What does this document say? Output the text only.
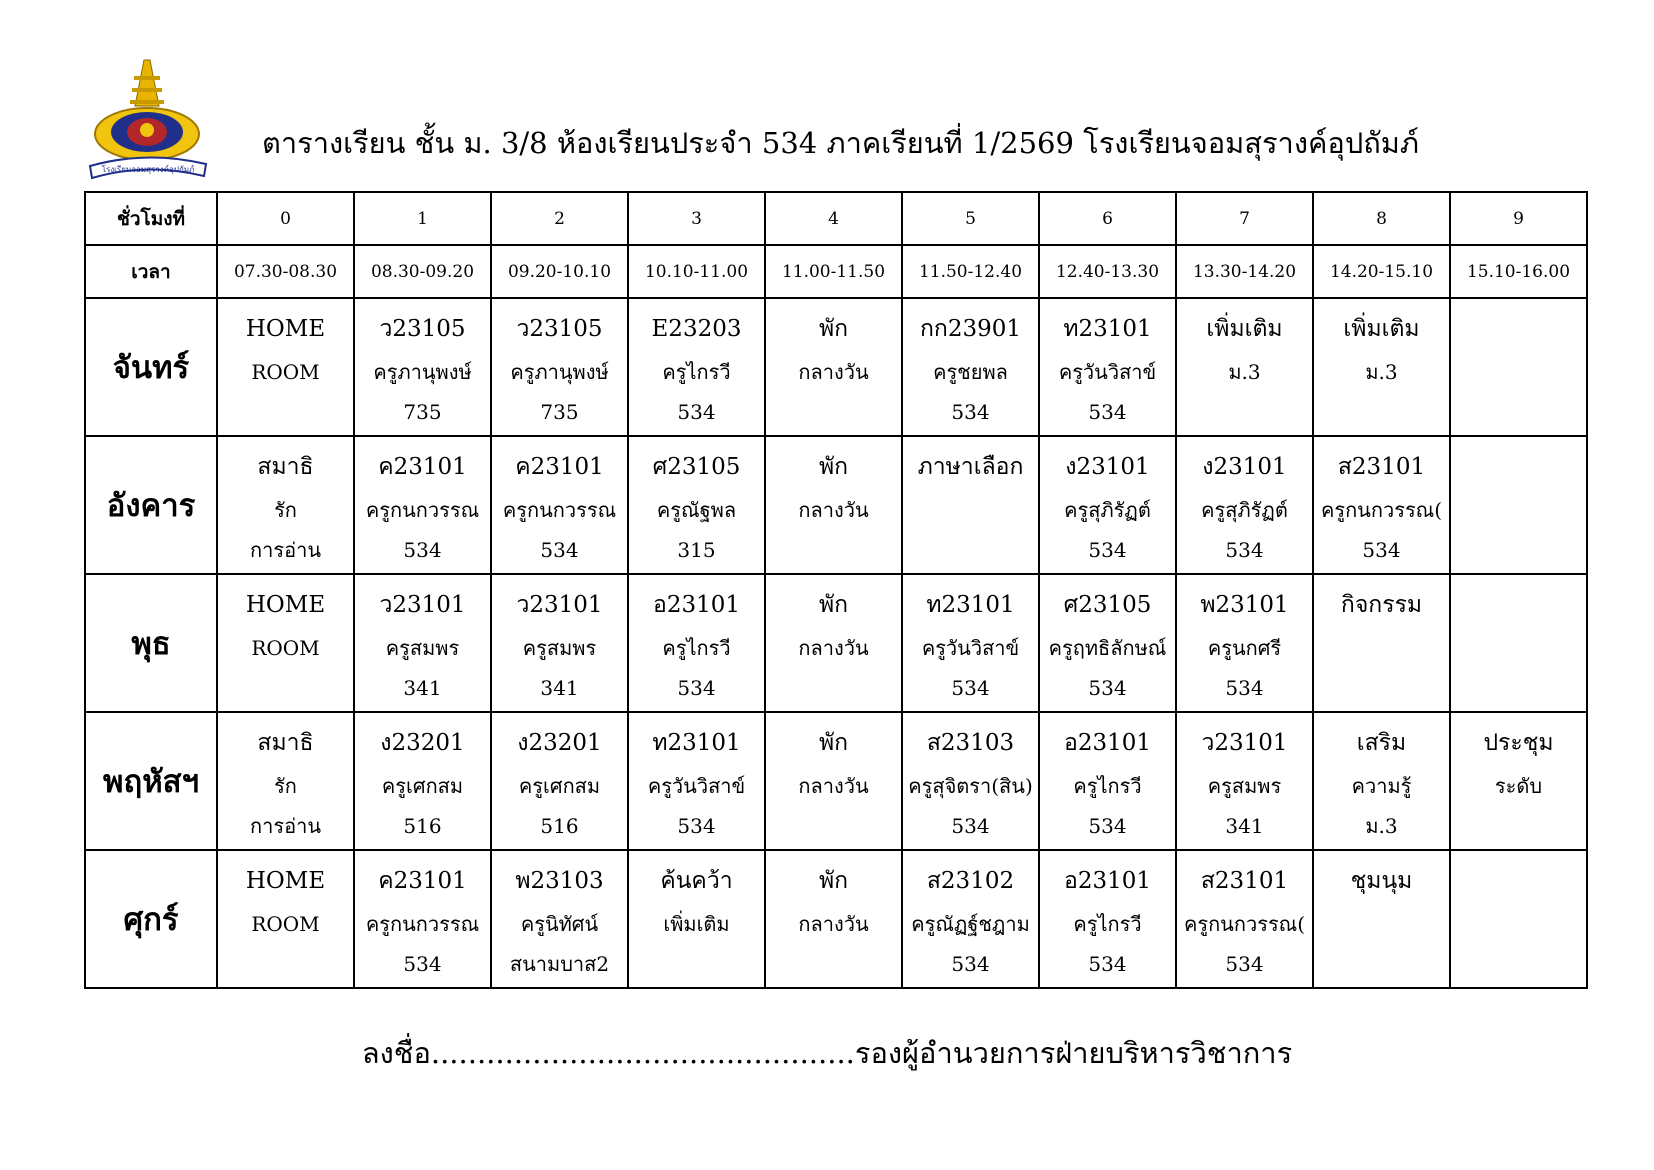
โรงเรียนจอมสุรางค์อุปถัมภ์
ตารางเรียน ชั้น ม. 3/8 ห้องเรียนประจำ 534 ภาคเรียนที่ 1/2569 โรงเรียนจอมสุรางค์อุปถัมภ์
ชั่วโมงที่	0	1	2	3	4	5	6	7	8	9
เวลา	07.30-08.30	08.30-09.20	09.20-10.10	10.10-11.00	11.00-11.50	11.50-12.40	12.40-13.30	13.30-14.20	14.20-15.10	15.10-16.00
จันทร์	HOME
ROOM	ว23105
ครูภานุพงษ์
735	ว23105
ครูภานุพงษ์
735	E23203
ครูไกรวี
534	พัก
กลางวัน	กก23901
ครูชยพล
534	ท23101
ครูวันวิสาข์
534	เพิ่มเติม
ม.3	เพิ่มเติม
ม.3	

อังคาร	สมาธิ
รัก
การอ่าน	ค23101
ครูกนกวรรณ
534	ค23101
ครูกนกวรรณ
534	ศ23105
ครูณัฐพล
315	พัก
กลางวัน	ภาษาเลือก	ง23101
ครูสุภิรัฏต์
534	ง23101
ครูสุภิรัฏต์
534	ส23101
ครูกนกวรรณ(
534	

พุธ	HOME
ROOM	ว23101
ครูสมพร
341	ว23101
ครูสมพร
341	อ23101
ครูไกรวี
534	พัก
กลางวัน	ท23101
ครูวันวิสาข์
534	ศ23105
ครูฤทธิลักษณ์
534	พ23101
ครูนกศรี
534	กิจกรรม	

พฤหัสฯ	สมาธิ
รัก
การอ่าน	ง23201
ครูเศกสม
516	ง23201
ครูเศกสม
516	ท23101
ครูวันวิสาข์
534	พัก
กลางวัน	ส23103
ครูสุจิตรา(สิน)
534	อ23101
ครูไกรวี
534	ว23101
ครูสมพร
341	เสริม
ความรู้
ม.3	ประชุม
ระดับ

ศุกร์	HOME
ROOM	ค23101
ครูกนกวรรณ
534	พ23103
ครูนิทัศน์
สนามบาส2	ค้นคว้า
เพิ่มเติม	พัก
กลางวัน	ส23102
ครูณัฏฐ์ชฎาม
534	อ23101
ครูไกรวี
534	ส23101
ครูกนกวรรณ(
534	ชุมนุม	

ลงชื่อ..............................................รองผู้อำนวยการฝ่ายบริหารวิชาการ
